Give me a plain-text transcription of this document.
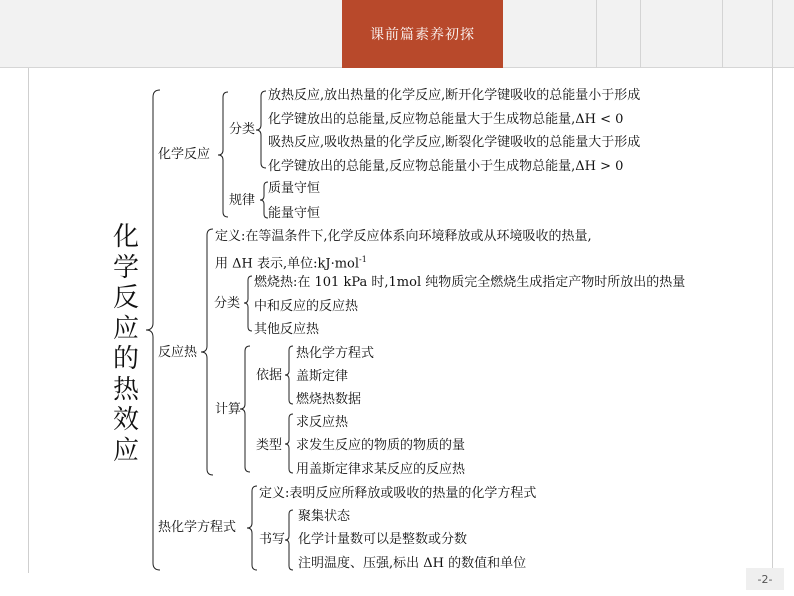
课前篇素养初探
化
学
反
应
的
热
效
应
化学反应
反应热
热化学方程式
分类
规律
放热反应,放出热量的化学反应,断开化学键吸收的总能量小于形成
化学键放出的总能量,反应物总能量大于生成物总能量,ΔH < 0
吸热反应,吸收热量的化学反应,断裂化学键吸收的总能量大于形成
化学键放出的总能量,反应物总能量小于生成物总能量,ΔH > 0
质量守恒
能量守恒
定义:在等温条件下,化学反应体系向环境释放或从环境吸收的热量,
用 ΔH 表示,单位:kJ·mol$^{-1}$
分类
燃烧热:在 101 kPa 时,1mol 纯物质完全燃烧生成指定产物时所放出的热量
中和反应的反应热
其他反应热
计算
依据
热化学方程式
盖斯定律
燃烧热数据
类型
求反应热
求发生反应的物质的物质的量
用盖斯定律求某反应的反应热
定义:表明反应所释放或吸收的热量的化学方程式
书写
聚集状态
化学计量数可以是整数或分数
注明温度、压强,标出 ΔH 的数值和单位
-2-
